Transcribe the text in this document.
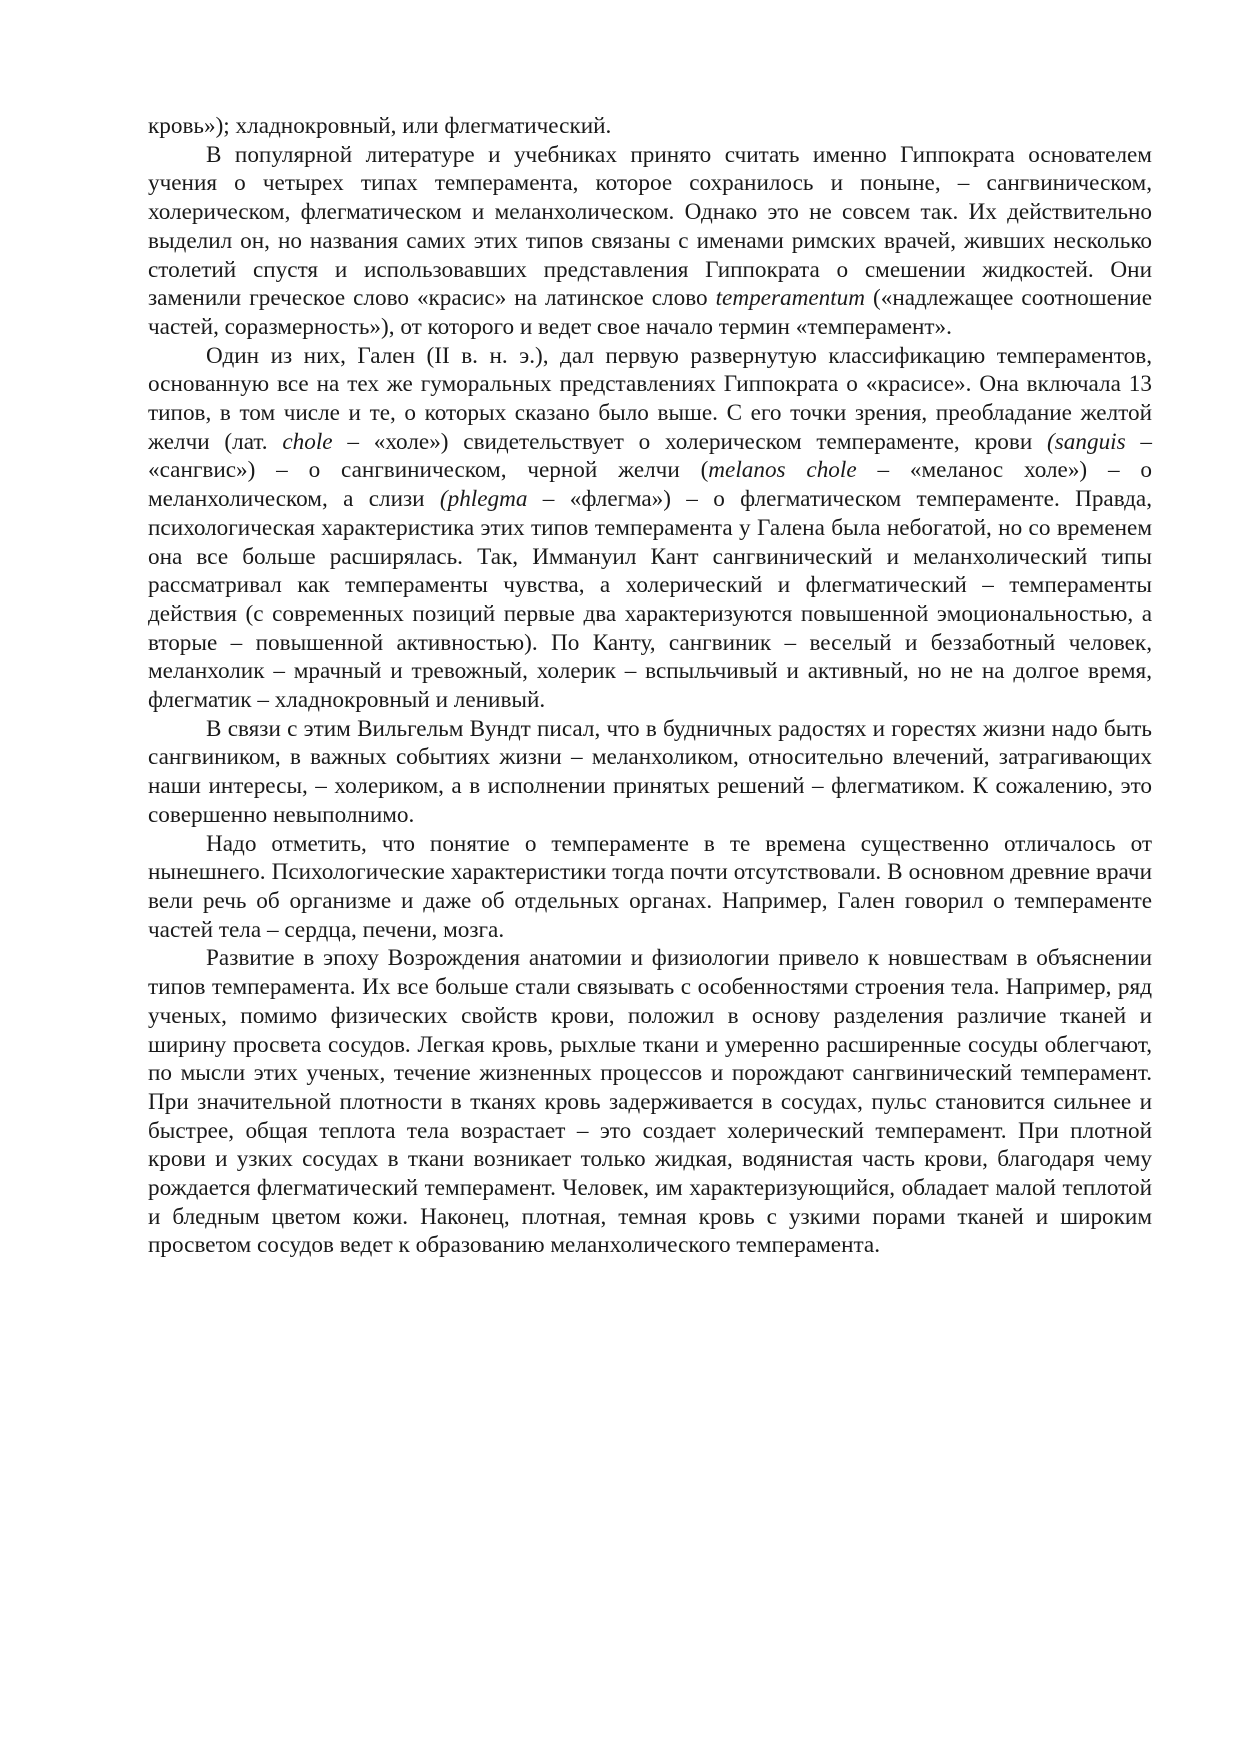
кровь»); хладнокровный, или флегматический.

В популярной литературе и учебниках принято считать именно Гиппократа основателем учения о четырех типах темперамента, которое сохранилось и поныне, – сангвиническом, холерическом, флегматическом и меланхолическом. Однако это не совсем так. Их действительно выделил он, но названия самих этих типов связаны с именами римских врачей, живших несколько столетий спустя и использовавших представления Гиппократа о смешении жидкостей. Они заменили греческое слово «красис» на латинское слово temperamentum («надлежащее соотношение частей, соразмерность»), от которого и ведет свое начало термин «темперамент».

Один из них, Гален (II в. н. э.), дал первую развернутую классификацию темпераментов, основанную все на тех же гуморальных представлениях Гиппократа о «красисе». Она включала 13 типов, в том числе и те, о которых сказано было выше. С его точки зрения, преобладание желтой желчи (лат. chole – «холе») свидетельствует о холерическом темпераменте, крови (sanguis – «сангвис») – о сангвиническом, черной желчи (melanos chole – «меланос холе») – о меланхолическом, а слизи (phlegma – «флегма») – о флегматическом темпераменте. Правда, психологическая характеристика этих типов темперамента у Галена была небогатой, но со временем она все больше расширялась. Так, Иммануил Кант сангвинический и меланхолический типы рассматривал как темпераменты чувства, а холерический и флегматический – темпераменты действия (с современных позиций первые два характеризуются повышенной эмоциональностью, а вторые – повышенной активностью). По Канту, сангвиник – веселый и беззаботный человек, меланхолик – мрачный и тревожный, холерик – вспыльчивый и активный, но не на долгое время, флегматик – хладнокровный и ленивый.

В связи с этим Вильгельм Вундт писал, что в будничных радостях и горестях жизни надо быть сангвиником, в важных событиях жизни – меланхоликом, относительно влечений, затрагивающих наши интересы, – холериком, а в исполнении принятых решений – флегматиком. К сожалению, это совершенно невыполнимо.

Надо отметить, что понятие о темпераменте в те времена существенно отличалось от нынешнего. Психологические характеристики тогда почти отсутствовали. В основном древние врачи вели речь об организме и даже об отдельных органах. Например, Гален говорил о темпераменте частей тела – сердца, печени, мозга.

Развитие в эпоху Возрождения анатомии и физиологии привело к новшествам в объяснении типов темперамента. Их все больше стали связывать с особенностями строения тела. Например, ряд ученых, помимо физических свойств крови, положил в основу разделения различие тканей и ширину просвета сосудов. Легкая кровь, рыхлые ткани и умеренно расширенные сосуды облегчают, по мысли этих ученых, течение жизненных процессов и порождают сангвинический темперамент. При значительной плотности в тканях кровь задерживается в сосудах, пульс становится сильнее и быстрее, общая теплота тела возрастает – это создает холерический темперамент. При плотной крови и узких сосудах в ткани возникает только жидкая, водянистая часть крови, благодаря чему рождается флегматический темперамент. Человек, им характеризующийся, обладает малой теплотой и бледным цветом кожи. Наконец, плотная, темная кровь с узкими порами тканей и широким просветом сосудов ведет к образованию меланхолического темперамента.
